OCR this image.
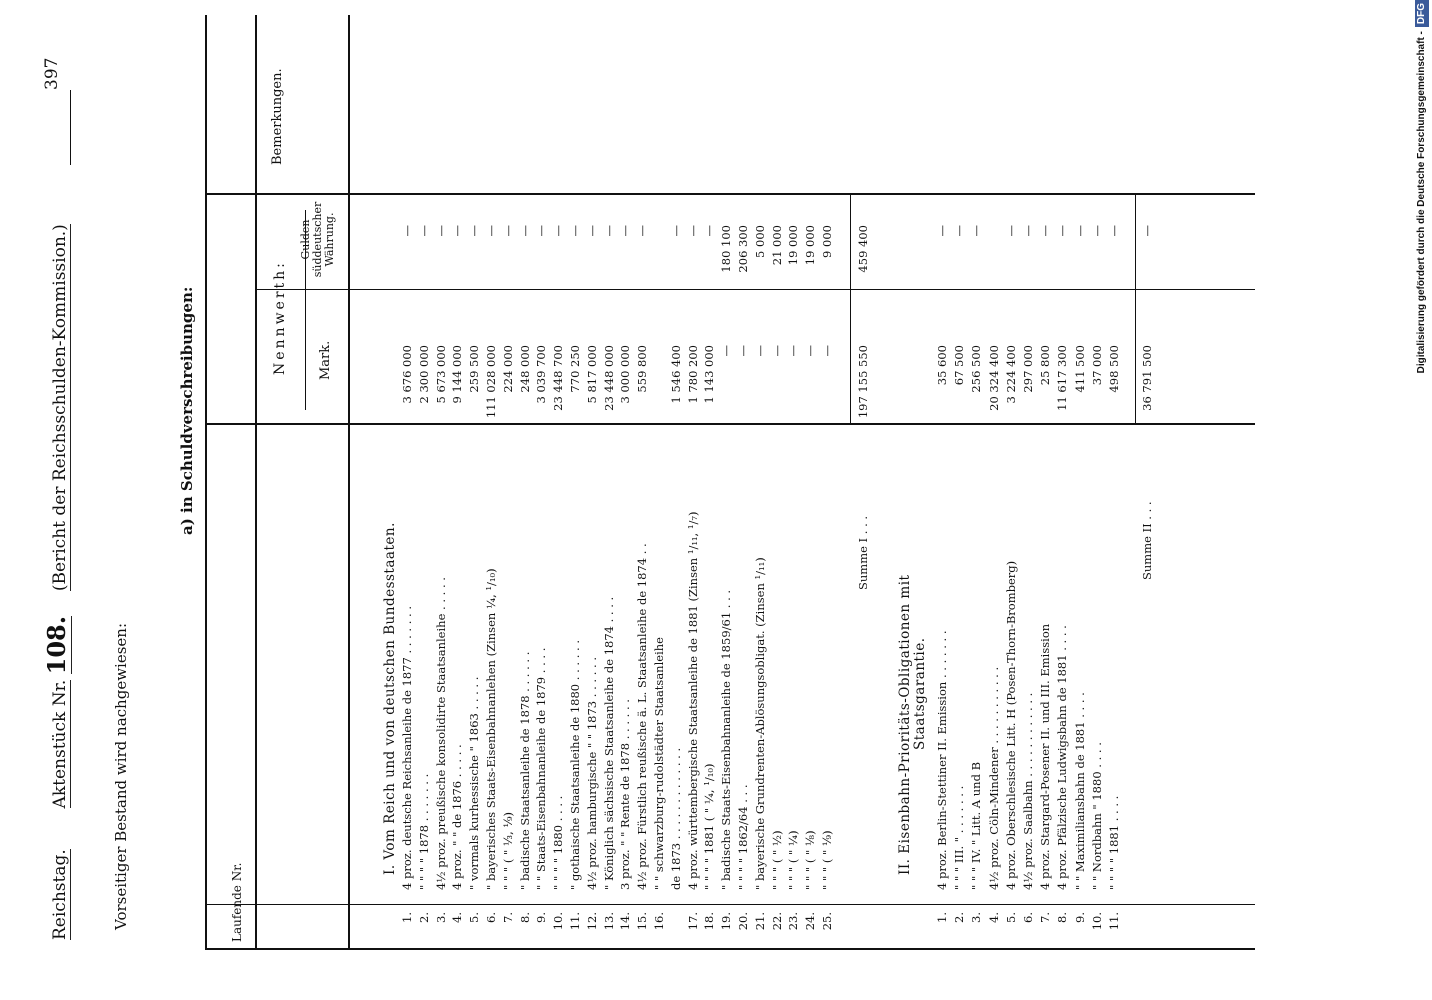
Reichstag.  Aktenstück Nr. 108.  (Bericht der Reichsschulden-Kommission.)
397
Vorseitiger Bestand wird nachgewiesen:
a) in Schuldverschreibungen:
Laufende Nr.
Nennwerth: Mark.
Gulden süddeutscher Währung.
Bemerkungen.
I. Vom Reich und von deutschen Bundesstaaten.
1.
4 proz. deutsche Reichsanleihe de 1877 . . . . . . .
3 676 000
—
2.
" " " " 1878 . . . . . . .
2 300 000
—
3.
4½ proz. preußische konsolidirte Staatsanleihe . . . . .
5 673 000
—
4.
4 proz. " " de 1876 . . . . .
9 144 000
—
5.
" vormals kurhessische " 1863 . . . . .
259 500
—
6.
" bayerisches Staats-Eisenbahnanlehen (Zinsen ¼, ¹/₁₀)
111 028 000
—
7.
" " " ( " ⅓, ⅑)
224 000
—
8.
" badische Staatsanleihe de 1878 . . . . . .
248 000
—
9.
" " Staats-Eisenbahnanleihe de 1879 . . . .
3 039 700
—
10.
" " " " 1880 . . . .
23 448 700
—
11.
" gothaische Staatsanleihe de 1880 . . . . . .
770 250
—
12.
4½ proz. hamburgische " " 1873 . . . . . .
5 817 000
—
13.
" Königlich sächsische Staatsanleihe de 1874 . . . .
23 448 000
—
14.
3 proz. " " Rente de 1878 . . . . . .
3 000 000
—
15.
4½ proz. Fürstlich reußische ä. L. Staatsanleihe de 1874 . .
559 800
—
16.
" " schwarzburg-rudolstädter Staatsanleihe de 1873 . . . . . . . . . . . . .
1 546 400
—
17.
4 proz. württembergische Staatsanleihe de 1881 (Zinsen ¹/₁₁, ¹/₇)
1 780 200
—
18.
" " " " 1881 ( " ¼, ¹/₁₀)
1 143 000
—
19.
" badische Staats-Eisenbahnanleihe de 1859/61 . . .
—
180 100
20.
" " " " 1862/64 . . .
—
206 300
21.
" bayerische Grundrenten-Ablösungsobligat. (Zinsen ¹/₁₁)
—
5 000
22.
" " " ( " ½)
—
21 000
23.
" " " ( " ¼)
—
19 000
24.
" " " ( " ⅛)
—
19 000
25.
" " " ( " ⅑)
—
9 000
Summe I . . .
197 155 550
459 400
II. Eisenbahn-Prioritäts-Obligationen mit Staatsgarantie.
1.
4 proz. Berlin-Stettiner II. Emission . . . . . . .
35 600
—
2.
" " " III. " . . . . . . .
67 500
—
3.
" " " IV. " Litt. A und B
256 500
—
4.
4½ proz. Cöln-Mindener . . . . . . . . . . .
20 324 400
5.
4 proz. Oberschlesische Litt. H (Posen-Thorn-Bromberg)
3 224 400
—
6.
4½ proz. Saalbahn . . . . . . . . . . . .
297 000
—
7.
4 proz. Stargard-Posener II. und III. Emission
25 800
—
8.
4 proz. Pfälzische Ludwigsbahn de 1881 . . . .
11 617 300
—
9.
" " Maximiliansbahn de 1881 . . . .
411 500
—
10.
" " Nordbahn " 1880 . . . .
37 000
—
11.
" " " " 1881 . . . .
498 500
—
Summe II . . .
36 791 500
—	Digitalisierung gefördert durch die Deutsche Forschungsgemeinschaft -DFG
